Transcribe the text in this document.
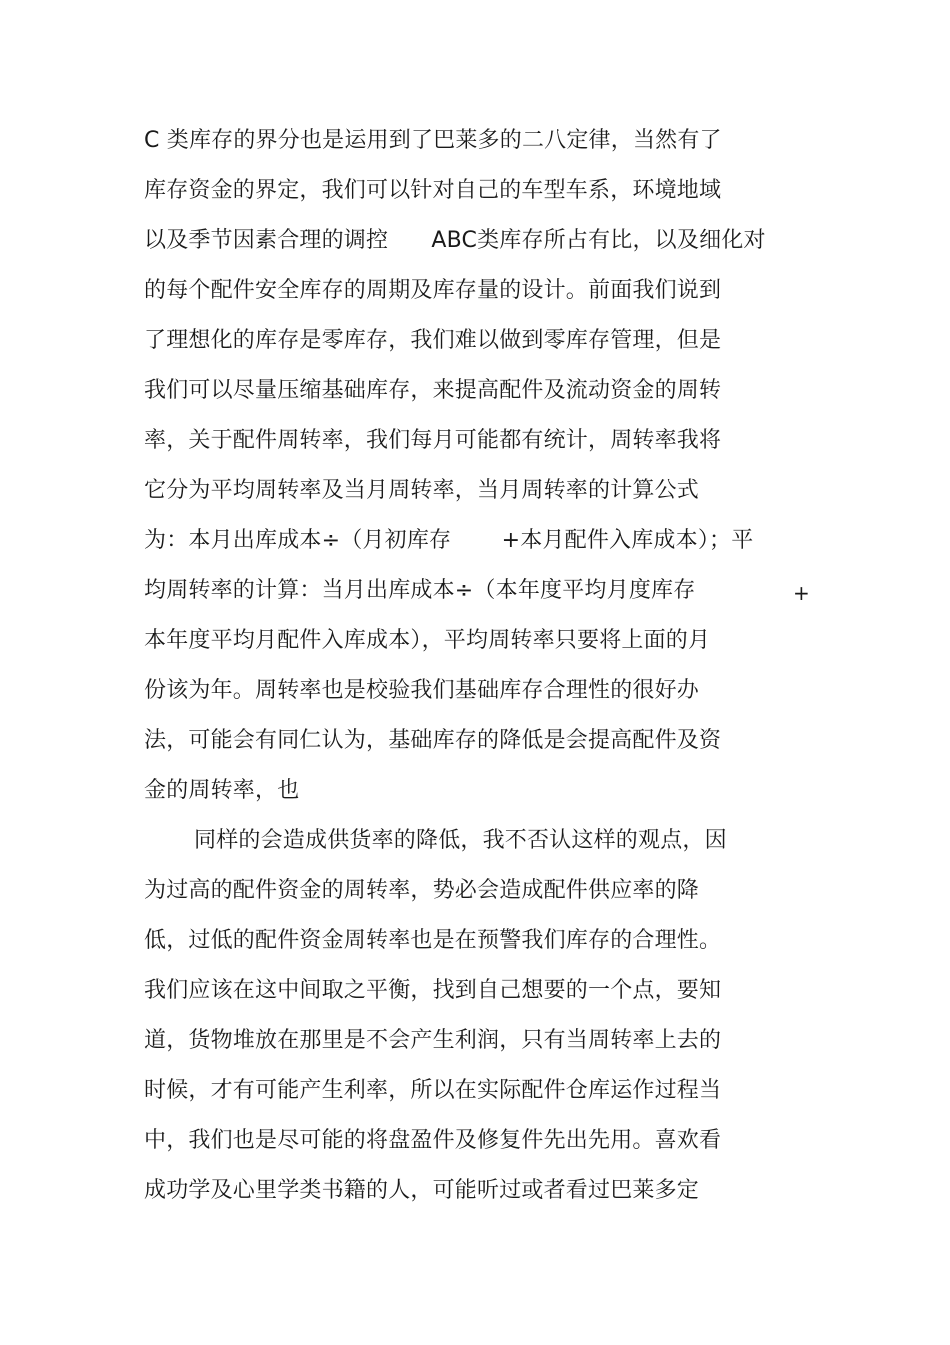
C 类库存的界分也是运用到了巴莱多的二八定律，当然有了
库存资金的界定，我们可以针对自己的车型车系，环境地域
以及季节因素合理的调控      ABC类库存所占有比，以及细化对
的每个配件安全库存的周期及库存量的设计。前面我们说到
了理想化的库存是零库存，我们难以做到零库存管理，但是
我们可以尽量压缩基础库存，来提高配件及流动资金的周转
率，关于配件周转率，我们每月可能都有统计，周转率我将
它分为平均周转率及当月周转率，当月周转率的计算公式
为：本月出库成本÷（月初库存       +本月配件入库成本）；平
均周转率的计算：当月出库成本÷（本年度平均月度库存	+
本年度平均月配件入库成本），平均周转率只要将上面的月
份该为年。周转率也是校验我们基础库存合理性的很好办
法，可能会有同仁认为，基础库存的降低是会提高配件及资
金的周转率，也
同样的会造成供货率的降低，我不否认这样的观点，因
为过高的配件资金的周转率，势必会造成配件供应率的降
低，过低的配件资金周转率也是在预警我们库存的合理性。
我们应该在这中间取之平衡，找到自己想要的一个点，要知
道，货物堆放在那里是不会产生利润，只有当周转率上去的
时候，才有可能产生利率，所以在实际配件仓库运作过程当
中，我们也是尽可能的将盘盈件及修复件先出先用。喜欢看
成功学及心里学类书籍的人，可能听过或者看过巴莱多定
